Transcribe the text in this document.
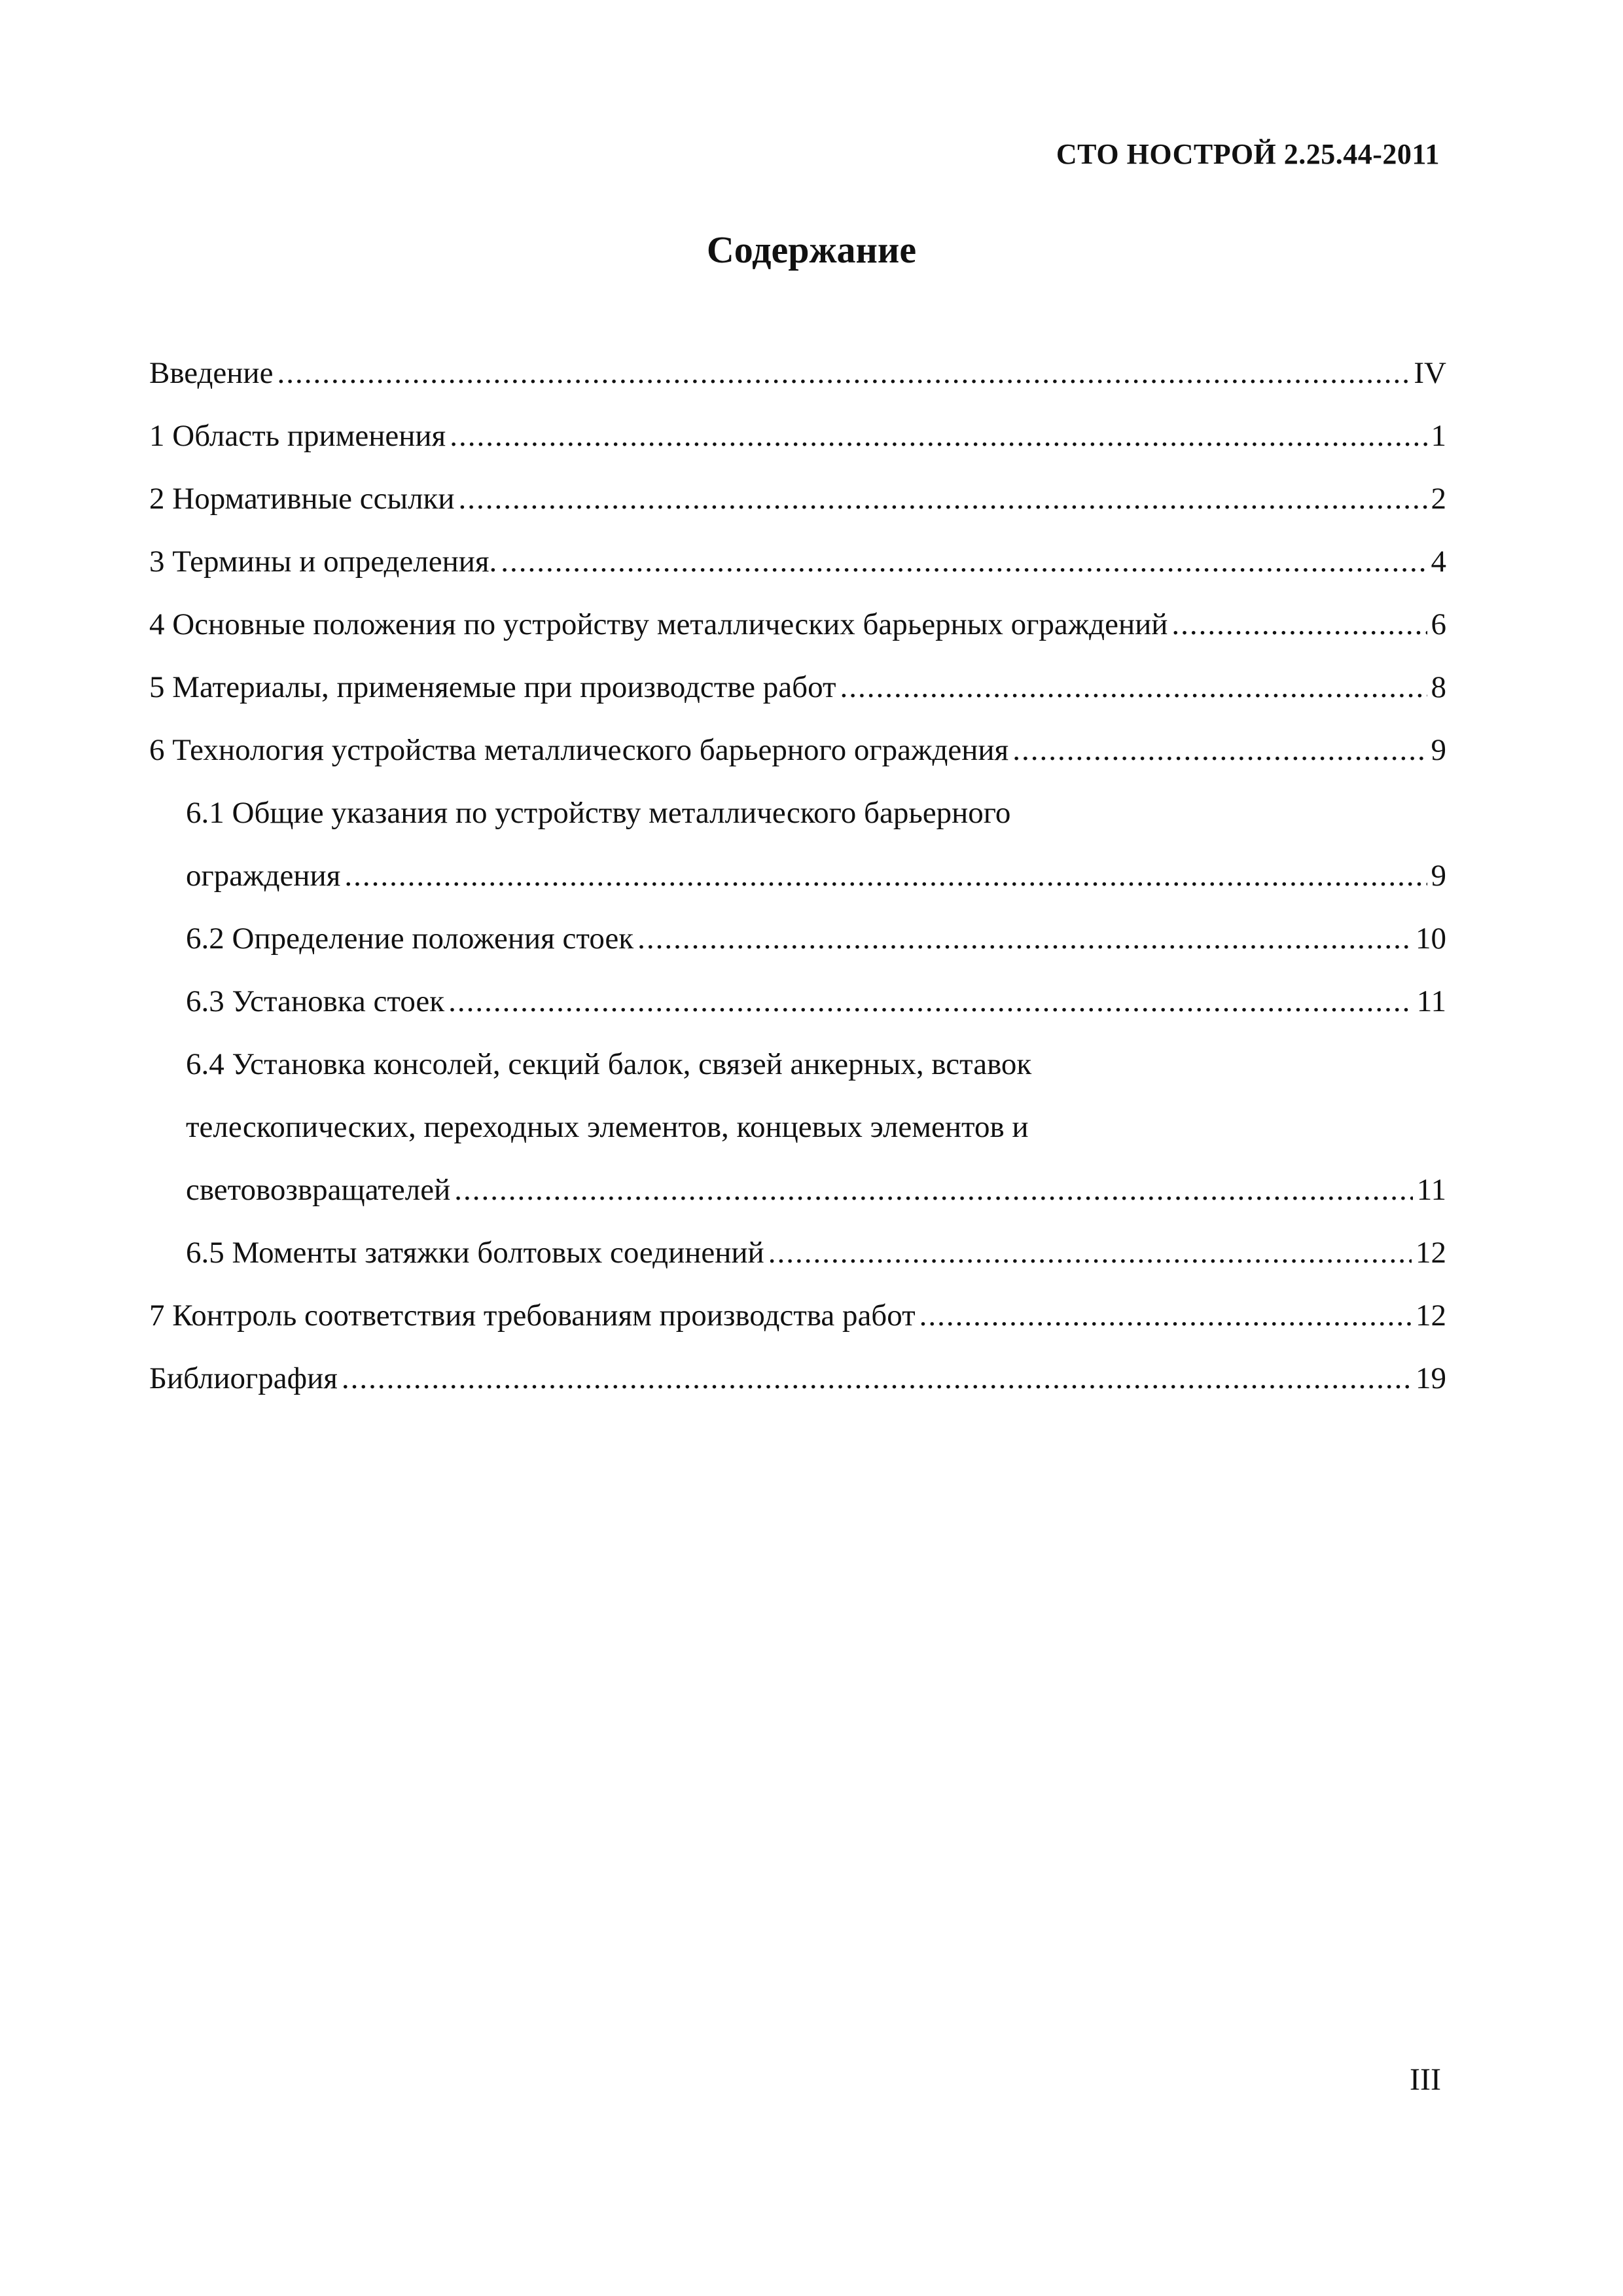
СТО НОСТРОЙ 2.25.44-2011
Содержание
Введение .....	IV
1 Область применения .....	1
2 Нормативные ссылки .....	2
3 Термины и определения. .....	4
4 Основные положения по устройству металлических барьерных ограждений .....	6
5 Материалы, применяемые при производстве работ .....	8
6 Технология устройства металлического барьерного ограждения .....	9
6.1 Общие указания по устройству металлического барьерного
ограждения .....	9
6.2 Определение положения стоек .....	10
6.3 Установка стоек .....	11
6.4 Установка консолей, секций балок, связей анкерных, вставок
телескопических, переходных элементов, концевых элементов и
световозвращателей .....	11
6.5 Моменты затяжки болтовых соединений .....	12
7 Контроль соответствия требованиям производства работ .....	12
Библиография .....	19
III
